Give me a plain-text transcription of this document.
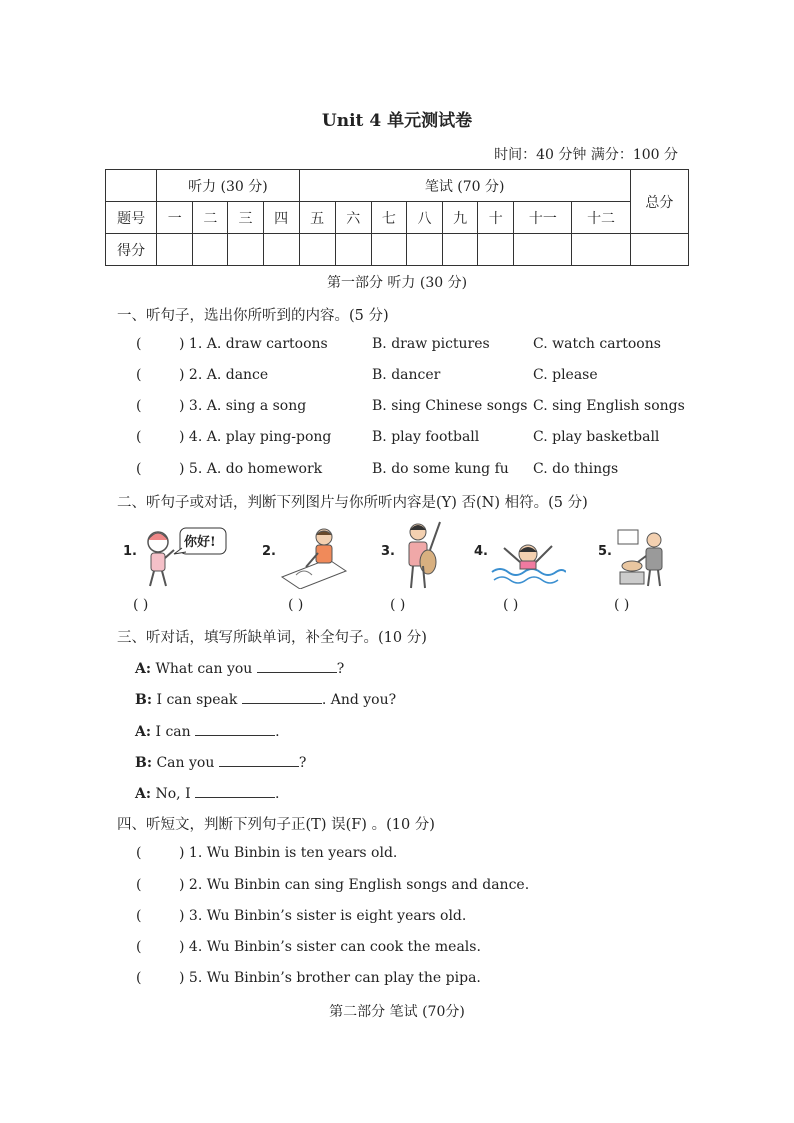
Unit 4 单元测试卷
时间：40 分钟 满分：100 分
	听力 (30 分)				笔试 (70 分)								总分
题号	一	二	三	四	五	六	七	八	九	十	十一	十二	
得分													
第一部分 听力 (30 分)
一、听句子，选出你所听到的内容。(5 分)
(	) 1. A. draw cartoons	B. draw pictures	C. watch cartoons
(	) 2. A. dance	B. dancer	C. please
(	) 3. A. sing a song	B. sing Chinese songs C. sing English songs
(	) 4. A. play ping-pong	B. play football	C. play basketball
(	) 5. A. do homework	B. do some kung fu C. do things
二、听句子或对话，判断下列图片与你所听内容是(Y) 否(N) 相符。(5 分)
1.
你好!
2.	3.	4.	5.
( )	( )	( )	( )	( )
三、听对话，填写所缺单词，补全句子。(10 分)
A: What can you	?
B: I can speak	. And you?
A: I can	.
B: Can you	?
A: No, I	.
四、听短文，判断下列句子正(T) 误(F) 。(10 分)
(	) 1. Wu Binbin is ten years old.
(	) 2. Wu Binbin can sing English songs and dance.
(	) 3. Wu Binbin’s sister is eight years old.
(	) 4. Wu Binbin’s sister can cook the meals.
(	) 5. Wu Binbin’s brother can play the pipa.
第二部分 笔试 (70分)
